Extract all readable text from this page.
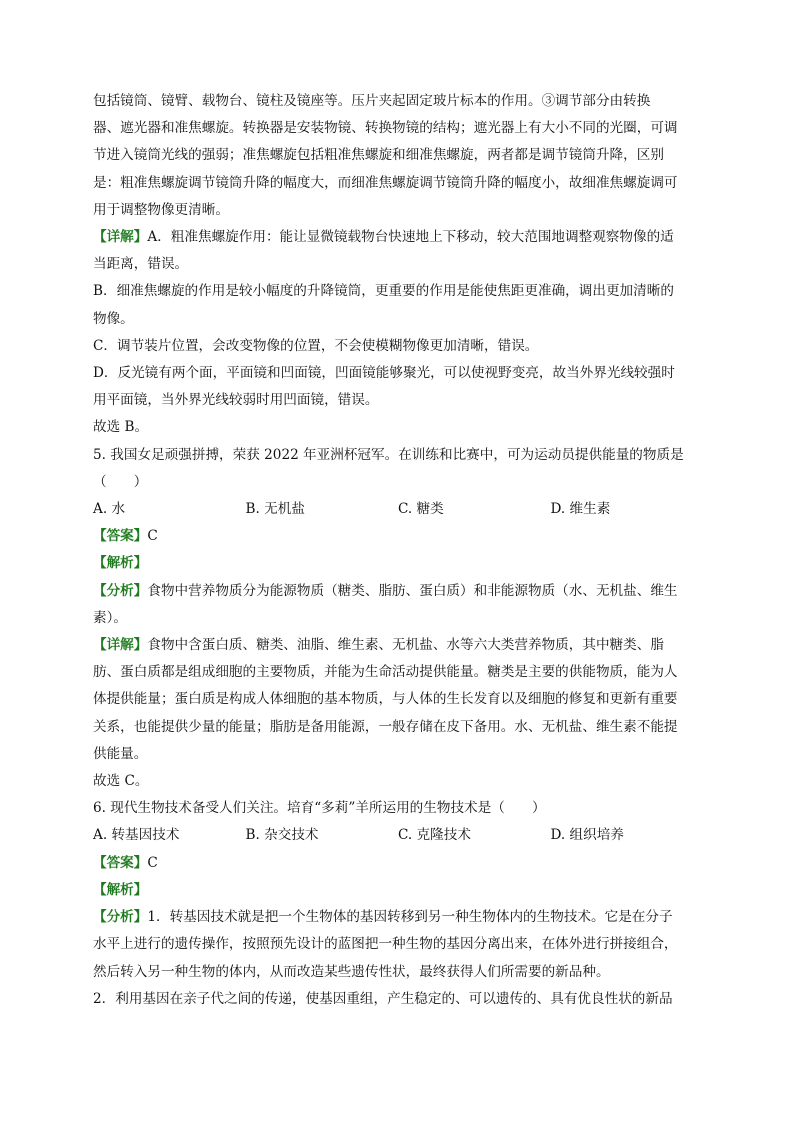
包括镜筒、镜臂、载物台、镜柱及镜座等。压片夹起固定玻片标本的作用。③调节部分由转换

器、遮光器和准焦螺旋。转换器是安装物镜、转换物镜的结构；遮光器上有大小不同的光圈，可调

节进入镜筒光线的强弱；准焦螺旋包括粗准焦螺旋和细准焦螺旋，两者都是调节镜筒升降，区别

是：粗准焦螺旋调节镜筒升降的幅度大，而细准焦螺旋调节镜筒升降的幅度小，故细准焦螺旋调可

用于调整物像更清晰。

【详解】A．粗准焦螺旋作用：能让显微镜载物台快速地上下移动，较大范围地调整观察物像的适

当距离，错误。

B．细准焦螺旋的作用是较小幅度的升降镜筒，更重要的作用是能使焦距更准确，调出更加清晰的

物像。

C．调节装片位置，会改变物像的位置，不会使模糊物像更加清晰，错误。

D．反光镜有两个面，平面镜和凹面镜，凹面镜能够聚光，可以使视野变亮，故当外界光线较强时

用平面镜，当外界光线较弱时用凹面镜，错误。

故选 B。

5. 我国女足顽强拼搏，荣获 2022 年亚洲杯冠军。在训练和比赛中，可为运动员提供能量的物质是

（　　）

A. 水	B. 无机盐	C. 糖类	D. 维生素

【答案】C

【解析】

【分析】食物中营养物质分为能源物质（糖类、脂肪、蛋白质）和非能源物质（水、无机盐、维生

素）。

【详解】食物中含蛋白质、糖类、油脂、维生素、无机盐、水等六大类营养物质，其中糖类、脂

肪、蛋白质都是组成细胞的主要物质，并能为生命活动提供能量。糖类是主要的供能物质，能为人

体提供能量；蛋白质是构成人体细胞的基本物质，与人体的生长发育以及细胞的修复和更新有重要

关系，也能提供少量的能量；脂肪是备用能源，一般存储在皮下备用。水、无机盐、维生素不能提

供能量。

故选 C。

6. 现代生物技术备受人们关注。培育“多莉”羊所运用的生物技术是（　　）

A. 转基因技术	B. 杂交技术	C. 克隆技术	D. 组织培养

【答案】C

【解析】

【分析】1．转基因技术就是把一个生物体的基因转移到另一种生物体内的生物技术。它是在分子

水平上进行的遗传操作，按照预先设计的蓝图把一种生物的基因分离出来，在体外进行拼接组合，

然后转入另一种生物的体内，从而改造某些遗传性状，最终获得人们所需要的新品种。

2．利用基因在亲子代之间的传递，使基因重组，产生稳定的、可以遗传的、具有优良性状的新品
